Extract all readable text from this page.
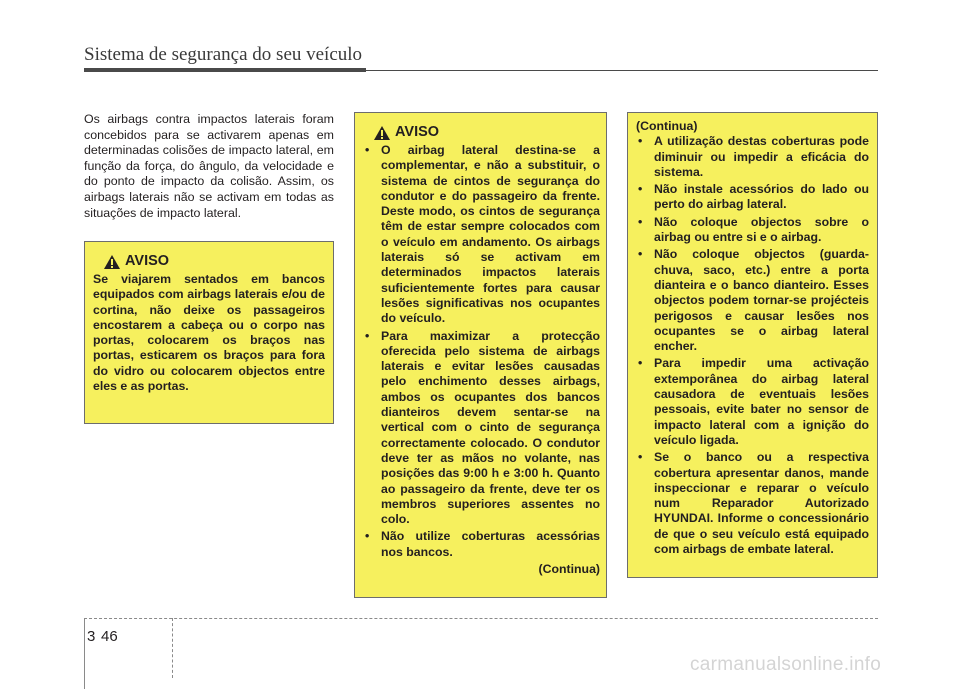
Sistema de segurança do seu veículo
Os airbags contra impactos laterais foram concebidos para se activarem apenas em determinadas colisões de impacto lateral, em função da força, do ângulo, da velocidade e do ponto de impacto da colisão. Assim, os airbags laterais não se activam em todas as situações de impacto lateral.
AVISO
Se viajarem sentados em bancos equipados com airbags laterais e/ou de cortina, não deixe os passageiros encostarem a cabeça ou o corpo nas portas, colocarem os braços nas portas, esticarem os braços para fora do vidro ou colocarem objectos entre eles e as portas.
AVISO
• O airbag lateral destina-se a complementar, e não a substituir, o sistema de cintos de segurança do condutor e do passageiro da frente. Deste modo, os cintos de segurança têm de estar sempre colocados com o veículo em andamento. Os airbags laterais só se activam em determinados impactos laterais suficientemente fortes para causar lesões significativas nos ocupantes do veículo.
• Para maximizar a protecção oferecida pelo sistema de airbags laterais e evitar lesões causadas pelo enchimento desses airbags, ambos os ocupantes dos bancos dianteiros devem sentar-se na vertical com o cinto de segurança correctamente colocado. O condutor deve ter as mãos no volante, nas posições das 9:00 h e 3:00 h. Quanto ao passageiro da frente, deve ter os membros superiores assentes no colo.
• Não utilize coberturas acessórias nos bancos.
(Continua)
(Continua)
• A utilização destas coberturas pode diminuir ou impedir a eficácia do sistema.
• Não instale acessórios do lado ou perto do airbag lateral.
• Não coloque objectos sobre o airbag ou entre si e o airbag.
• Não coloque objectos (guarda-chuva, saco, etc.) entre a porta dianteira e o banco dianteiro. Esses objectos podem tornar-se projécteis perigosos e causar lesões nos ocupantes se o airbag lateral encher.
• Para impedir uma activação extemporânea do airbag lateral causadora de eventuais lesões pessoais, evite bater no sensor de impacto lateral com a ignição do veículo ligada.
• Se o banco ou a respectiva cobertura apresentar danos, mande inspeccionar e reparar o veículo num Reparador Autorizado HYUNDAI. Informe o concessionário de que o seu veículo está equipado com airbags de embate lateral.
3 46
carmanualsonline.info
